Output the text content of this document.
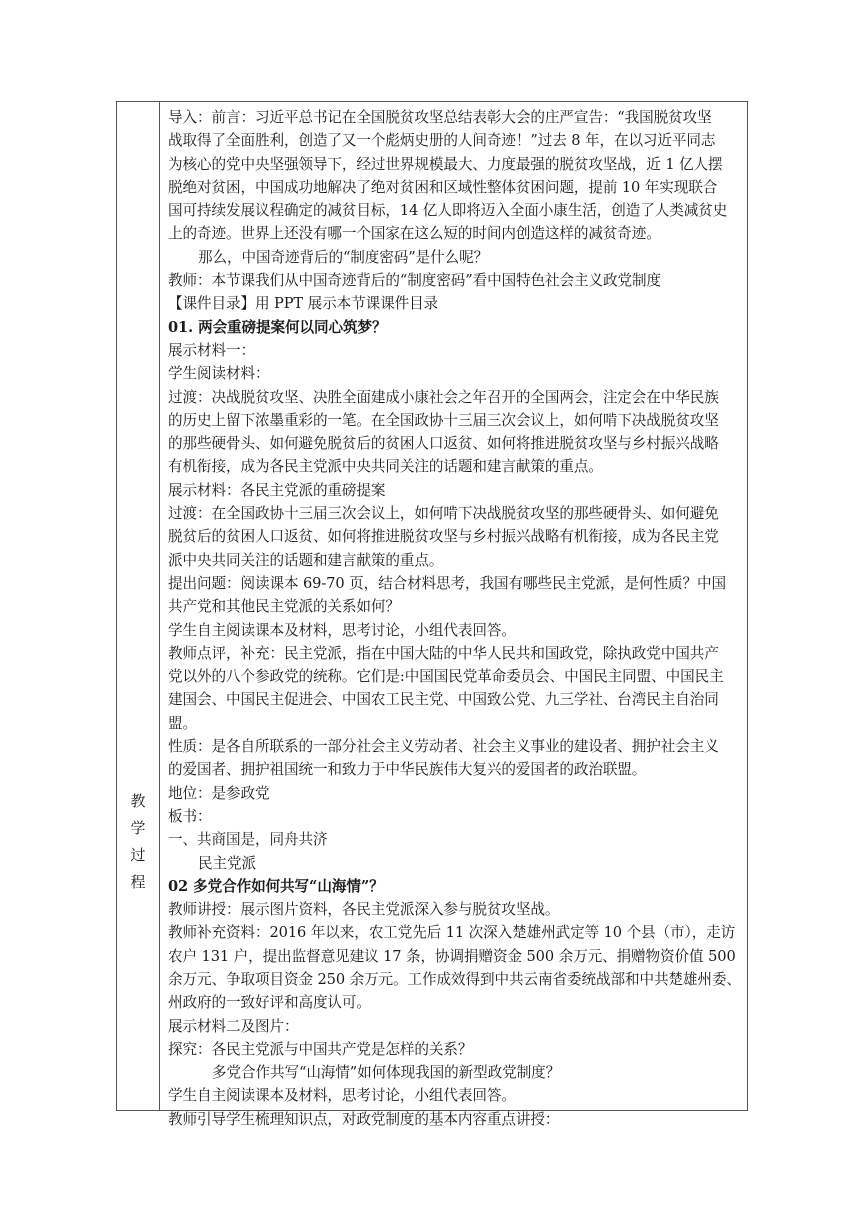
教
学
过
程

导入：前言：习近平总书记在全国脱贫攻坚总结表彰大会的庄严宣告：“我国脱贫攻坚

战取得了全面胜利，创造了又一个彪炳史册的人间奇迹！”过去 8 年，在以习近平同志

为核心的党中央坚强领导下，经过世界规模最大、力度最强的脱贫攻坚战，近 1 亿人摆

脱绝对贫困，中国成功地解决了绝对贫困和区域性整体贫困问题，提前 10 年实现联合

国可持续发展议程确定的减贫目标，14 亿人即将迈入全面小康生活，创造了人类减贫史

上的奇迹。世界上还没有哪一个国家在这么短的时间内创造这样的减贫奇迹。

那么，中国奇迹背后的“制度密码”是什么呢？

教师：本节课我们从中国奇迹背后的“制度密码”看中国特色社会主义政党制度

【课件目录】用 PPT 展示本节课课件目录

01. 两会重磅提案何以同心筑梦？

展示材料一：

学生阅读材料：

过渡：决战脱贫攻坚、决胜全面建成小康社会之年召开的全国两会，注定会在中华民族

的历史上留下浓墨重彩的一笔。在全国政协十三届三次会议上，如何啃下决战脱贫攻坚

的那些硬骨头、如何避免脱贫后的贫困人口返贫、如何将推进脱贫攻坚与乡村振兴战略

有机衔接，成为各民主党派中央共同关注的话题和建言献策的重点。

展示材料：各民主党派的重磅提案

过渡：在全国政协十三届三次会议上，如何啃下决战脱贫攻坚的那些硬骨头、如何避免

脱贫后的贫困人口返贫、如何将推进脱贫攻坚与乡村振兴战略有机衔接，成为各民主党

派中央共同关注的话题和建言献策的重点。

提出问题：阅读课本 69-70 页，结合材料思考，我国有哪些民主党派，是何性质？中国

共产党和其他民主党派的关系如何？

学生自主阅读课本及材料，思考讨论，小组代表回答。

教师点评，补充：民主党派，指在中国大陆的中华人民共和国政党，除执政党中国共产

党以外的八个参政党的统称。它们是:中国国民党革命委员会、中国民主同盟、中国民主

建国会、中国民主促进会、中国农工民主党、中国致公党、九三学社、台湾民主自治同

盟。

性质：是各自所联系的一部分社会主义劳动者、社会主义事业的建设者、拥护社会主义

的爱国者、拥护祖国统一和致力于中华民族伟大复兴的爱国者的政治联盟。

地位：是参政党

板书：

一、共商国是，同舟共济

民主党派

02 多党合作如何共写“山海情”？

教师讲授：展示图片资料，各民主党派深入参与脱贫攻坚战。

教师补充资料：2016 年以来，农工党先后 11 次深入楚雄州武定等 10 个县（市），走访

农户 131 户，提出监督意见建议 17 条，协调捐赠资金 500 余万元、捐赠物资价值 500

余万元、争取项目资金 250 余万元。工作成效得到中共云南省委统战部和中共楚雄州委、

州政府的一致好评和高度认可。

展示材料二及图片：

探究：各民主党派与中国共产党是怎样的关系？

多党合作共写“山海情”如何体现我国的新型政党制度？

学生自主阅读课本及材料，思考讨论，小组代表回答。

教师引导学生梳理知识点，对政党制度的基本内容重点讲授：
